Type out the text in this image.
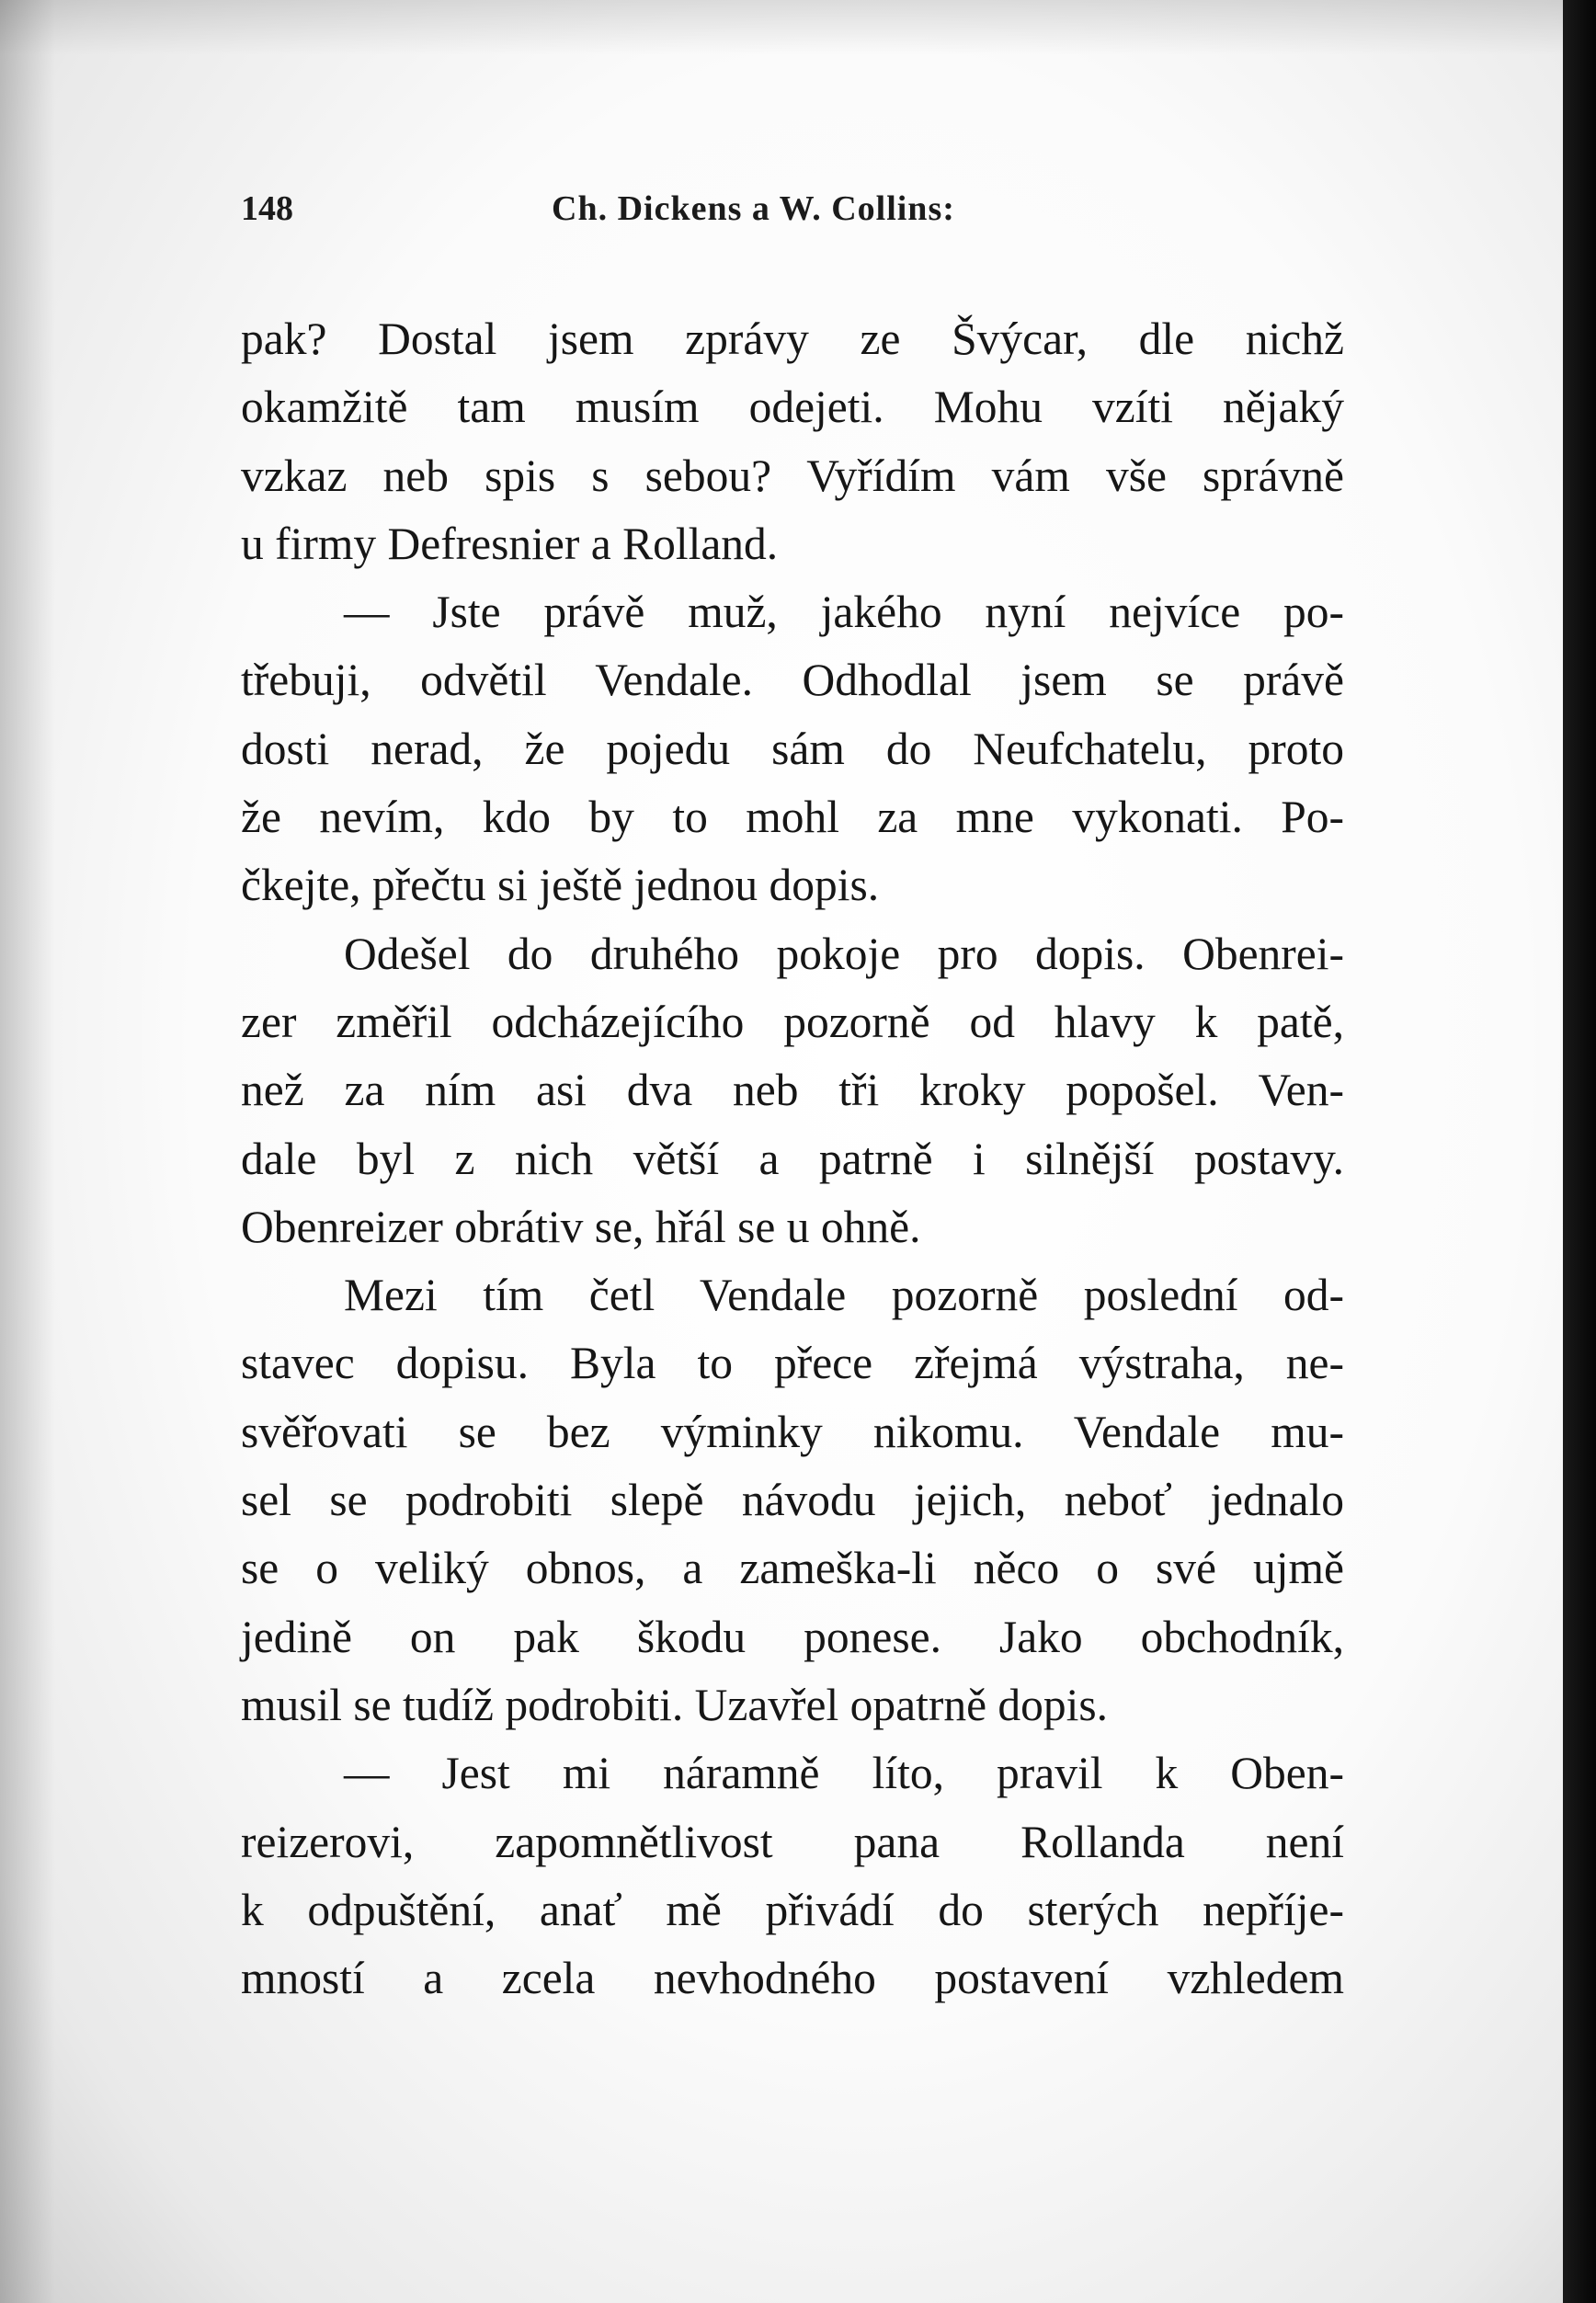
148	Ch. Dickens a W. Collins:
pak? Dostal jsem zprávy ze Švýcar, dle nichž
okamžitě tam musím odejeti. Mohu vzíti nějaký
vzkaz neb spis s sebou? Vyřídím vám vše správně
u firmy Defresnier a Rolland.
— Jste právě muž, jakého nyní nejvíce po-
třebuji, odvětil Vendale. Odhodlal jsem se právě
dosti nerad, že pojedu sám do Neufchatelu, proto
že nevím, kdo by to mohl za mne vykonati. Po-
čkejte, přečtu si ještě jednou dopis.
Odešel do druhého pokoje pro dopis. Obenrei-
zer změřil odcházejícího pozorně od hlavy k patě,
než za ním asi dva neb tři kroky popošel. Ven-
dale byl z nich větší a patrně i silnější postavy.
Obenreizer obrátiv se, hřál se u ohně.
Mezi tím četl Vendale pozorně poslední od-
stavec dopisu. Byla to přece zřejmá výstraha, ne-
svěřovati se bez výminky nikomu. Vendale mu-
sel se podrobiti slepě návodu jejich, neboť jednalo
se o veliký obnos, a zameška-li něco o své ujmě
jedině on pak škodu ponese. Jako obchodník,
musil se tudíž podrobiti. Uzavřel opatrně dopis.
— Jest mi náramně líto, pravil k Oben-
reizerovi, zapomnětlivost pana Rollanda není
k odpuštění, anať mě přivádí do sterých nepříje-
mností a zcela nevhodného postavení vzhledem
